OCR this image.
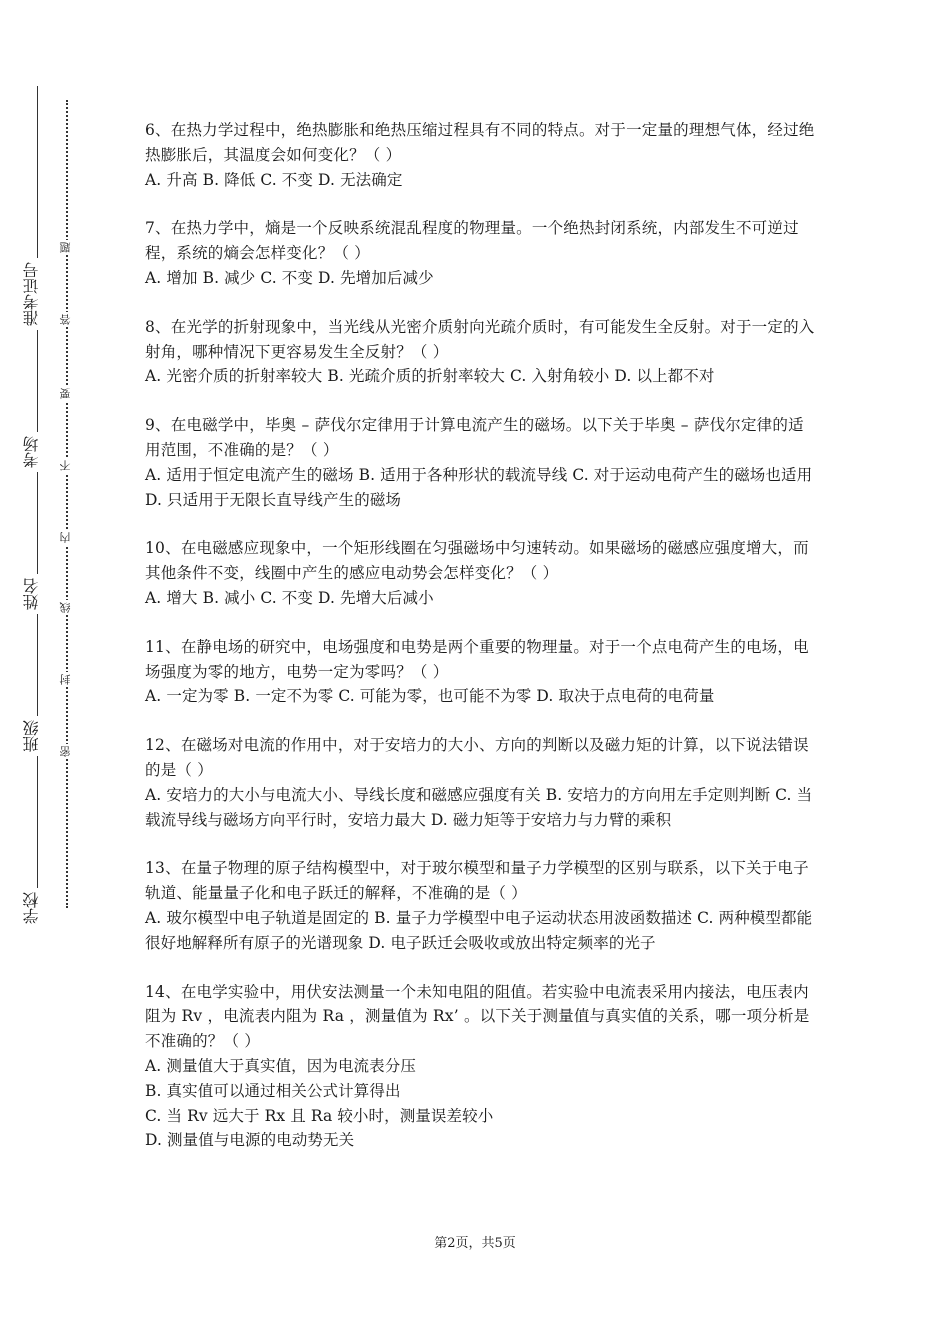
准考证号
考场
姓名
班级
学校
题
答
要
不
内
线
封
密

6、在热力学过程中，绝热膨胀和绝热压缩过程具有不同的特点。对于一定量的理想气体，经过绝热膨胀后，其温度会如何变化？（ ）

A. 升高 B. 降低 C. 不变 D. 无法确定

7、在热力学中，熵是一个反映系统混乱程度的物理量。一个绝热封闭系统，内部发生不可逆过程，系统的熵会怎样变化？（ ）

A. 增加 B. 减少 C. 不变 D. 先增加后减少

8、在光学的折射现象中，当光线从光密介质射向光疏介质时，有可能发生全反射。对于一定的入射角，哪种情况下更容易发生全反射？（ ）

A. 光密介质的折射率较大 B. 光疏介质的折射率较大 C. 入射角较小 D. 以上都不对

9、在电磁学中，毕奥 – 萨伐尔定律用于计算电流产生的磁场。以下关于毕奥 – 萨伐尔定律的适用范围，不准确的是？（ ）

A. 适用于恒定电流产生的磁场 B. 适用于各种形状的载流导线 C. 对于运动电荷产生的磁场也适用 D. 只适用于无限长直导线产生的磁场

10、在电磁感应现象中，一个矩形线圈在匀强磁场中匀速转动。如果磁场的磁感应强度增大，而其他条件不变，线圈中产生的感应电动势会怎样变化？（ ）

A. 增大 B. 减小 C. 不变 D. 先增大后减小

11、在静电场的研究中，电场强度和电势是两个重要的物理量。对于一个点电荷产生的电场，电场强度为零的地方，电势一定为零吗？（ ）

A. 一定为零 B. 一定不为零 C. 可能为零，也可能不为零 D. 取决于点电荷的电荷量

12、在磁场对电流的作用中，对于安培力的大小、方向的判断以及磁力矩的计算，以下说法错误的是（ ）

A. 安培力的大小与电流大小、导线长度和磁感应强度有关 B. 安培力的方向用左手定则判断 C. 当载流导线与磁场方向平行时，安培力最大 D. 磁力矩等于安培力与力臂的乘积

13、在量子物理的原子结构模型中，对于玻尔模型和量子力学模型的区别与联系，以下关于电子轨道、能量量子化和电子跃迁的解释，不准确的是（ ）

A. 玻尔模型中电子轨道是固定的 B. 量子力学模型中电子运动状态用波函数描述 C. 两种模型都能很好地解释所有原子的光谱现象 D. 电子跃迁会吸收或放出特定频率的光子

14、在电学实验中，用伏安法测量一个未知电阻的阻值。若实验中电流表采用内接法，电压表内阻为 Rv ，电流表内阻为 Ra ，测量值为 Rx’ 。以下关于测量值与真实值的关系，哪一项分析是不准确的？（ ）

A. 测量值大于真实值，因为电流表分压

B. 真实值可以通过相关公式计算得出

C. 当 Rv 远大于 Rx 且 Ra 较小时，测量误差较小

D. 测量值与电源的电动势无关

第2页，共5页
